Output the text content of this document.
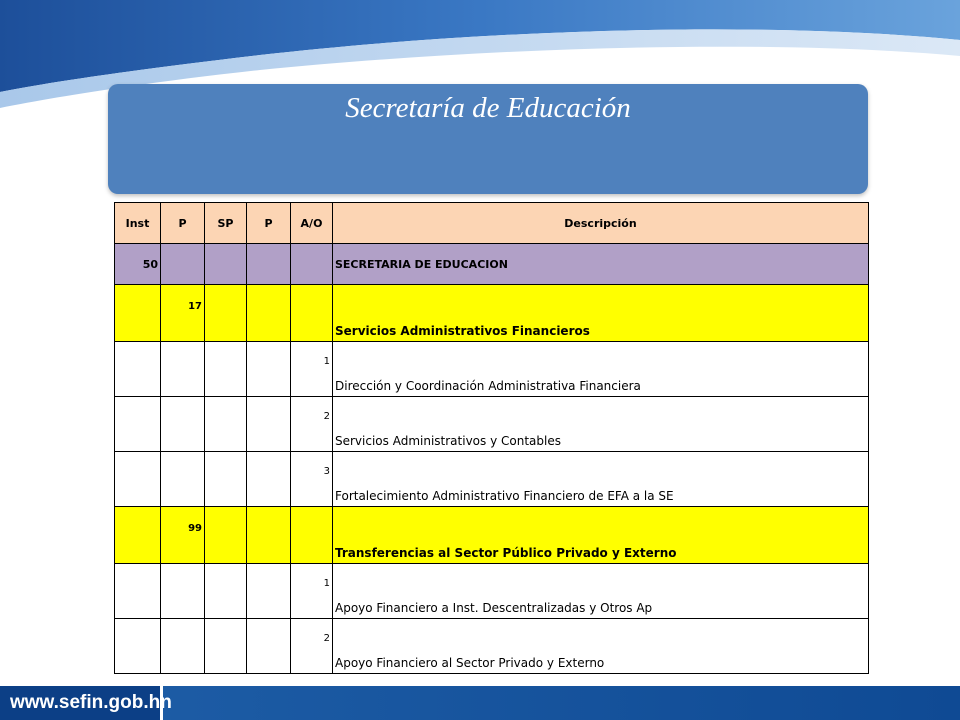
Secretaría de Educación
Inst	P	SP	P	A/O	Descripción
50					SECRETARIA DE EDUCACION
	17				Servicios Administrativos Financieros
				1	Dirección y Coordinación Administrativa Financiera
				2	Servicios Administrativos y Contables
				3	Fortalecimiento Administrativo Financiero de EFA a la SE
	99				Transferencias al Sector Público Privado y Externo
				1	Apoyo Financiero a Inst. Descentralizadas y Otros Ap
				2	Apoyo Financiero al Sector Privado y Externo
www.sefin.gob.hn
